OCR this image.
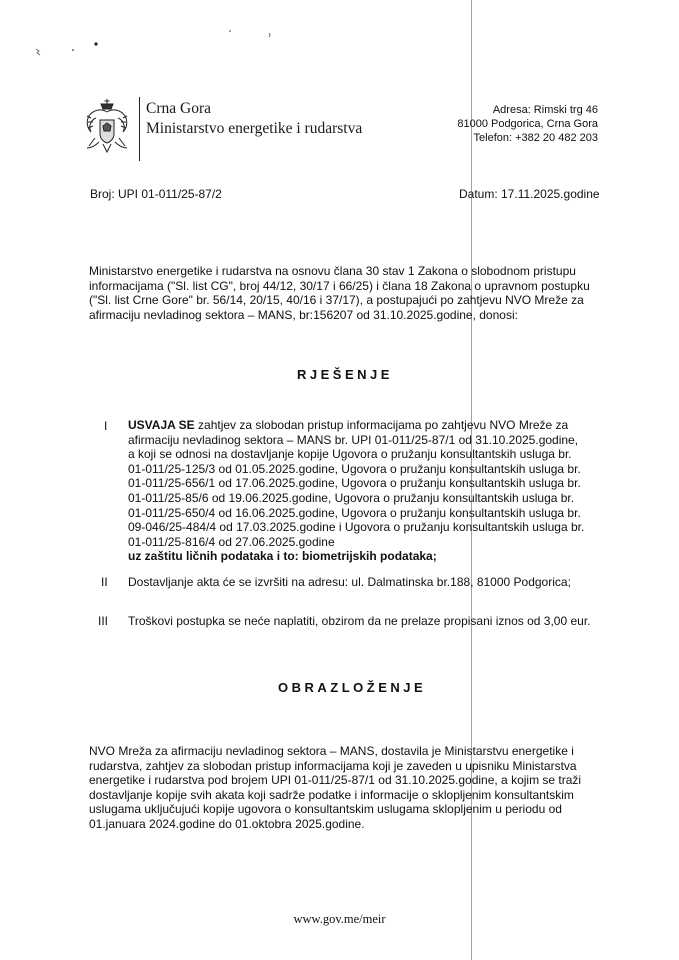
Crna Gora
Ministarstvo energetike i rudarstva
Adresa: Rimski trg 46
81000 Podgorica, Crna Gora
Telefon: +382 20 482 203
Broj: UPI 01-011/25-87/2	Datum: 17.11.2025.godine
Ministarstvo energetike i rudarstva na osnovu člana 30 stav 1 Zakona o slobodnom pristupu
informacijama ("Sl. list CG", broj 44/12, 30/17 i 66/25) i člana 18 Zakona o upravnom postupku
("Sl. list Crne Gore" br. 56/14, 20/15, 40/16 i 37/17), a postupajući po zahtjevu NVO Mreže za
afirmaciju nevladinog sektora – MANS, br:156207 od 31.10.2025.godine, donosi:
RJEŠENJE
I USVAJA SE zahtjev za slobodan pristup informacijama po zahtjevu NVO Mreže za
afirmaciju nevladinog sektora – MANS br. UPI 01-011/25-87/1 od 31.10.2025.godine,
a koji se odnosi na dostavljanje kopije Ugovora o pružanju konsultantskih usluga br.
01-011/25-125/3 od 01.05.2025.godine, Ugovora o pružanju konsultantskih usluga br.
01-011/25-656/1 od 17.06.2025.godine, Ugovora o pružanju konsultantskih usluga br.
01-011/25-85/6 od 19.06.2025.godine, Ugovora o pružanju konsultantskih usluga br.
01-011/25-650/4 od 16.06.2025.godine, Ugovora o pružanju konsultantskih usluga br.
09-046/25-484/4 od 17.03.2025.godine i Ugovora o pružanju konsultantskih usluga br.
01-011/25-816/4 od 27.06.2025.godine
uz zaštitu ličnih podataka i to: biometrijskih podataka;
II Dostavljanje akta će se izvršiti na adresu: ul. Dalmatinska br.188, 81000 Podgorica;
III Troškovi postupka se neće naplatiti, obzirom da ne prelaze propisani iznos od 3,00 eur.
OBRAZLOŽENJE
NVO Mreža za afirmaciju nevladinog sektora – MANS, dostavila je Ministarstvu energetike i
rudarstva, zahtjev za slobodan pristup informacijama koji je zaveden u upisniku Ministarstva
energetike i rudarstva pod brojem UPI 01-011/25-87/1 od 31.10.2025.godine, a kojim se traži
dostavljanje kopije svih akata koji sadrže podatke i informacije o sklopljenim konsultantskim
uslugama uključujući kopije ugovora o konsultantskim uslugama sklopljenim u periodu od
01.januara 2024.godine do 01.oktobra 2025.godine.
www.gov.me/meir
